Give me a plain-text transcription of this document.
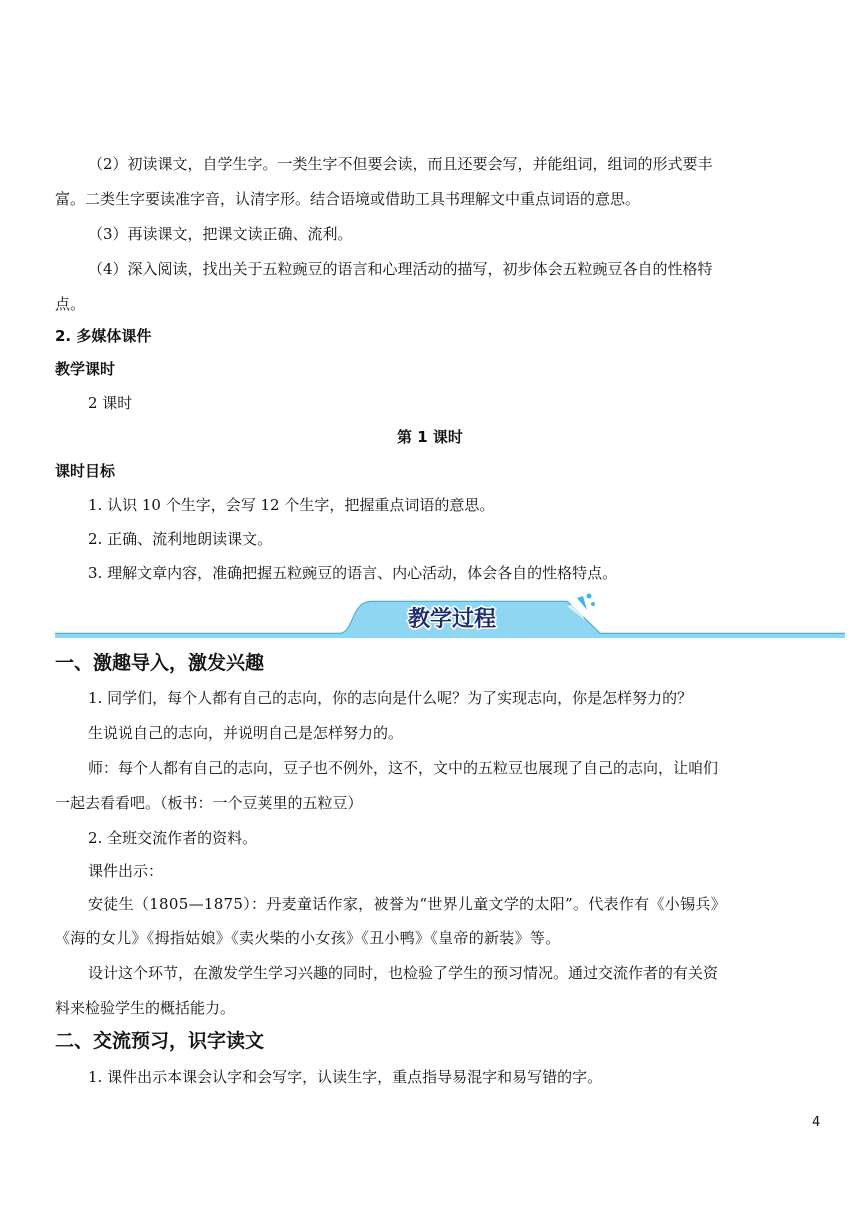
（2）初读课文，自学生字。一类生字不但要会读，而且还要会写，并能组词，组词的形式要丰
富。二类生字要读准字音，认清字形。结合语境或借助工具书理解文中重点词语的意思。
（3）再读课文，把课文读正确、流利。
（4）深入阅读，找出关于五粒豌豆的语言和心理活动的描写，初步体会五粒豌豆各自的性格特
点。
2. 多媒体课件
教学课时
2 课时
第 1 课时
课时目标
1. 认识 10 个生字，会写 12 个生字，把握重点词语的意思。
2. 正确、流利地朗读课文。
3. 理解文章内容，准确把握五粒豌豆的语言、内心活动，体会各自的性格特点。
教学过程
一、激趣导入，激发兴趣
1. 同学们，每个人都有自己的志向，你的志向是什么呢？为了实现志向，你是怎样努力的？
生说说自己的志向，并说明自己是怎样努力的。
师：每个人都有自己的志向，豆子也不例外，这不，文中的五粒豆也展现了自己的志向，让咱们
一起去看看吧。（板书：一个豆荚里的五粒豆）
2. 全班交流作者的资料。
课件出示：
安徒生（1805—1875）：丹麦童话作家，被誉为“世界儿童文学的太阳”。代表作有《小锡兵》
《海的女儿》《拇指姑娘》《卖火柴的小女孩》《丑小鸭》《皇帝的新装》等。
设计这个环节，在激发学生学习兴趣的同时，也检验了学生的预习情况。通过交流作者的有关资
料来检验学生的概括能力。
二、交流预习，识字读文
1. 课件出示本课会认字和会写字，认读生字，重点指导易混字和易写错的字。
4
